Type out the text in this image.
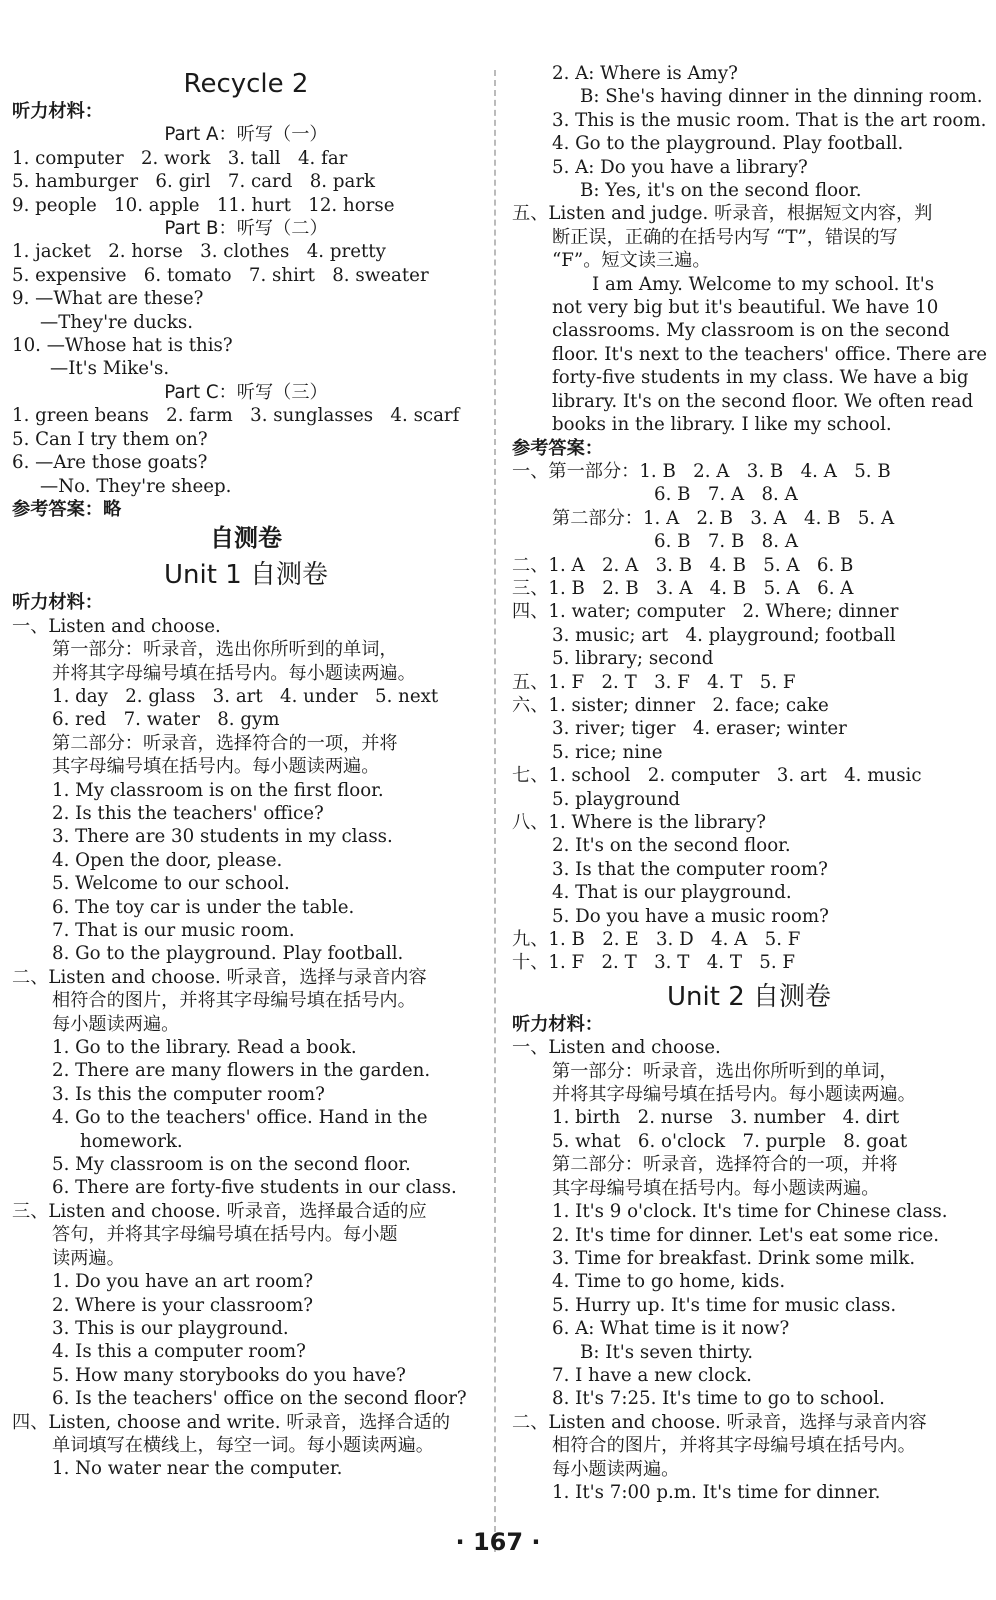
Recycle 2
听力材料：
Part A：听写（一）
1. computer   2. work   3. tall   4. far
5. hamburger   6. girl   7. card   8. park
9. people   10. apple   11. hurt   12. horse
Part B：听写（二）
1. jacket   2. horse   3. clothes   4. pretty
5. expensive   6. tomato   7. shirt   8. sweater
9. —What are these?
—They're ducks.
10. —Whose hat is this?
—It's Mike's.
Part C：听写（三）
1. green beans   2. farm   3. sunglasses   4. scarf
5. Can I try them on?
6. —Are those goats?
—No. They're sheep.
参考答案：略
自测卷
Unit 1 自测卷
听力材料：
一、Listen and choose.
第一部分：听录音，选出你所听到的单词，
并将其字母编号填在括号内。每小题读两遍。
1. day   2. glass   3. art   4. under   5. next
6. red   7. water   8. gym
第二部分：听录音，选择符合的一项，并将
其字母编号填在括号内。每小题读两遍。
1. My classroom is on the first floor.
2. Is this the teachers' office?
3. There are 30 students in my class.
4. Open the door, please.
5. Welcome to our school.
6. The toy car is under the table.
7. That is our music room.
8. Go to the playground. Play football.
二、Listen and choose. 听录音，选择与录音内容
相符合的图片，并将其字母编号填在括号内。
每小题读两遍。
1. Go to the library. Read a book.
2. There are many flowers in the garden.
3. Is this the computer room?
4. Go to the teachers' office. Hand in the
homework.
5. My classroom is on the second floor.
6. There are forty-five students in our class.
三、Listen and choose. 听录音，选择最合适的应
答句，并将其字母编号填在括号内。每小题
读两遍。
1. Do you have an art room?
2. Where is your classroom?
3. This is our playground.
4. Is this a computer room?
5. How many storybooks do you have?
6. Is the teachers' office on the second floor?
四、Listen, choose and write. 听录音，选择合适的
单词填写在横线上，每空一词。每小题读两遍。
1. No water near the computer.
2. A: Where is Amy?
B: She's having dinner in the dinning room.
3. This is the music room. That is the art room.
4. Go to the playground. Play football.
5. A: Do you have a library?
B: Yes, it's on the second floor.
五、Listen and judge. 听录音，根据短文内容，判
断正误，正确的在括号内写 “T”，错误的写
“F”。短文读三遍。
I am Amy. Welcome to my school. It's
not very big but it's beautiful. We have 10
classrooms. My classroom is on the second
floor. It's next to the teachers' office. There are
forty-five students in my class. We have a big
library. It's on the second floor. We often read
books in the library. I like my school.
参考答案：
一、第一部分：1. B   2. A   3. B   4. A   5. B
6. B   7. A   8. A
第二部分：1. A   2. B   3. A   4. B   5. A
6. B   7. B   8. A
二、1. A   2. A   3. B   4. B   5. A   6. B
三、1. B   2. B   3. A   4. B   5. A   6. A
四、1. water; computer   2. Where; dinner
3. music; art   4. playground; football
5. library; second
五、1. F   2. T   3. F   4. T   5. F
六、1. sister; dinner   2. face; cake
3. river; tiger   4. eraser; winter
5. rice; nine
七、1. school   2. computer   3. art   4. music
5. playground
八、1. Where is the library?
2. It's on the second floor.
3. Is that the computer room?
4. That is our playground.
5. Do you have a music room?
九、1. B   2. E   3. D   4. A   5. F
十、1. F   2. T   3. T   4. T   5. F
Unit 2 自测卷
听力材料：
一、Listen and choose.
第一部分：听录音，选出你所听到的单词，
并将其字母编号填在括号内。每小题读两遍。
1. birth   2. nurse   3. number   4. dirt
5. what   6. o'clock   7. purple   8. goat
第二部分：听录音，选择符合的一项，并将
其字母编号填在括号内。每小题读两遍。
1. It's 9 o'clock. It's time for Chinese class.
2. It's time for dinner. Let's eat some rice.
3. Time for breakfast. Drink some milk.
4. Time to go home, kids.
5. Hurry up. It's time for music class.
6. A: What time is it now?
B: It's seven thirty.
7. I have a new clock.
8. It's 7:25. It's time to go to school.
二、Listen and choose. 听录音，选择与录音内容
相符合的图片，并将其字母编号填在括号内。
每小题读两遍。
1. It's 7:00 p.m. It's time for dinner.
· 167 ·
